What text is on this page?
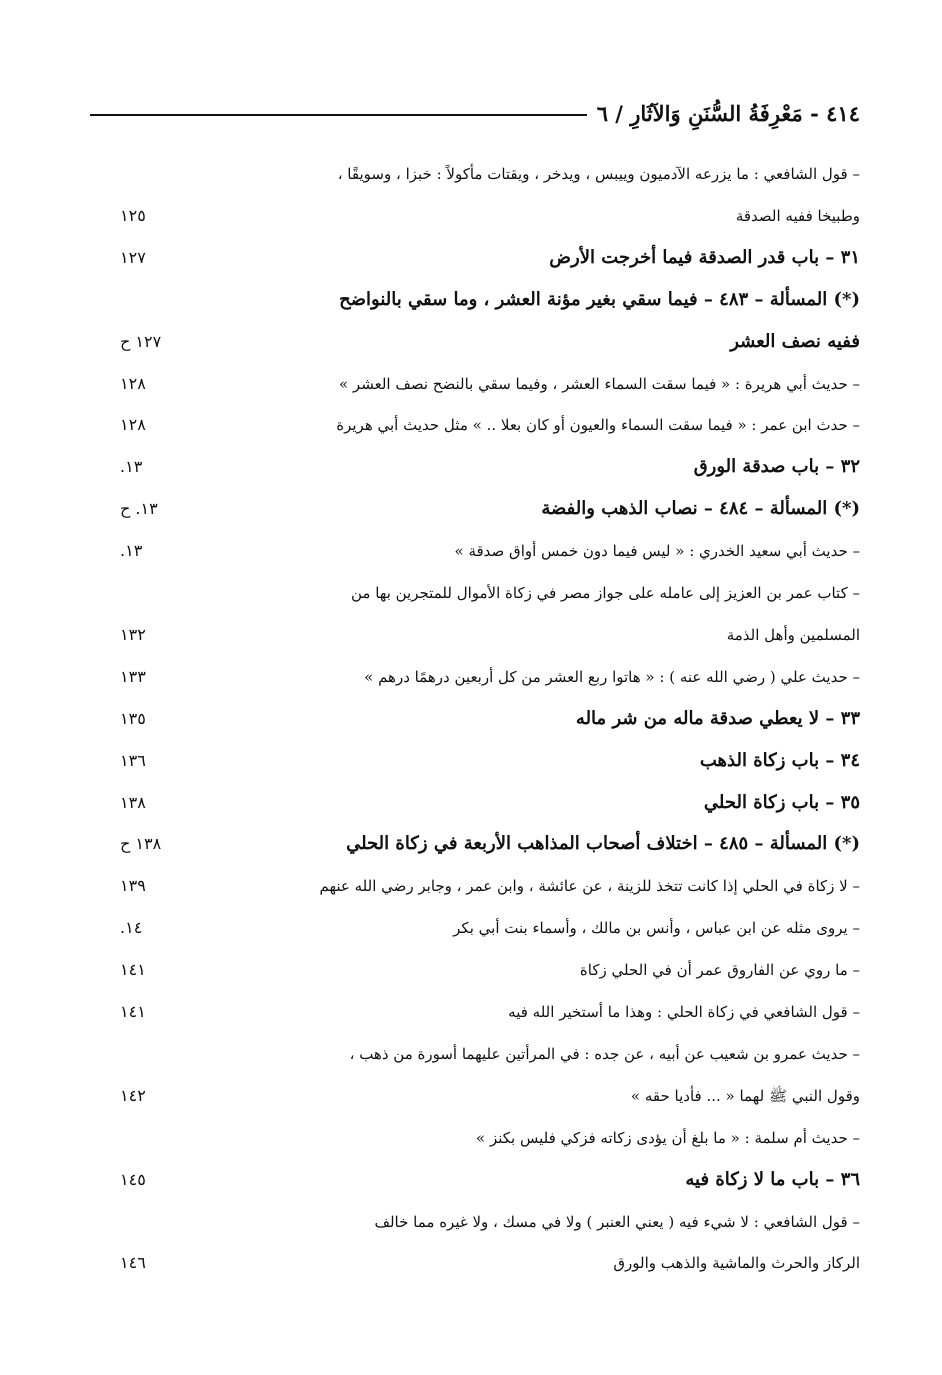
٤١٤ - مَعْرِفَةُ السُّنَنِ وَالآثَارِ / ٦
– قول الشافعي : ما يزرعه الآدميون وييبس ، ويدخر ، ويقتات مأكولاً : خبزا ، وسويقًا ،
وطبيخا ففيه الصدقة
١٢٥
٣١ – باب قدر الصدقة فيما أخرجت الأرض
١٢٧
(*) المسألة – ٤٨٣ – فيما سقي بغير مؤنة العشر ، وما سقي بالنواضح
ففيه نصف العشر
١٢٧ ح
– حديث أبي هريرة : « فيما سقت السماء العشر ، وفيما سقي بالنضح نصف العشر »
١٢٨
– حدث ابن عمر : « فيما سقت السماء والعيون أو كان بعلا .. » مثل حديث أبي هريرة
١٢٨
٣٢ – باب صدقة الورق
١٣.
(*) المسألة – ٤٨٤ – نصاب الذهب والفضة
١٣. ح
– حديث أبي سعيد الخدري : « ليس فيما دون خمس أواق صدقة »
١٣.
– كتاب عمر بن العزيز إلى عامله على جواز مصر في زكاة الأموال للمتجرين بها من
المسلمين وأهل الذمة
١٣٢
– حديث علي ( رضي الله عنه ) : « هاتوا ربع العشر من كل أربعين درهمًا درهم »
١٣٣
٣٣ – لا يعطي صدقة ماله من شر ماله
١٣٥
٣٤ – باب زكاة الذهب
١٣٦
٣٥ – باب زكاة الحلي
١٣٨
(*) المسألة – ٤٨٥ – اختلاف أصحاب المذاهب الأربعة في زكاة الحلي
١٣٨ ح
– لا زكاة في الحلي إذا كانت تتخذ للزينة ، عن عائشة ، وابن عمر ، وجابر رضي الله عنهم
١٣٩
– يروى مثله عن ابن عباس ، وأنس بن مالك ، وأسماء بنت أبي بكر
١٤.
– ما روي عن الفاروق عمر أن في الحلي زكاة
١٤١
– قول الشافعي في زكاة الحلي : وهذا ما أستخير الله فيه
١٤١
– حديث عمرو بن شعيب عن أبيه ، عن جده : في المرأتين عليهما أسورة من ذهب ،
وقول النبي ﷺ لهما « ... فأديا حقه »
١٤٢
– حديث أم سلمة : « ما بلغ أن يؤدى زكاته فزكي فليس بكنز »
٣٦ – باب ما لا زكاة فيه
١٤٥
– قول الشافعي : لا شيء فيه ( يعني العنبر ) ولا في مسك ، ولا غيره مما خالف
الركاز والحرث والماشية والذهب والورق
١٤٦
